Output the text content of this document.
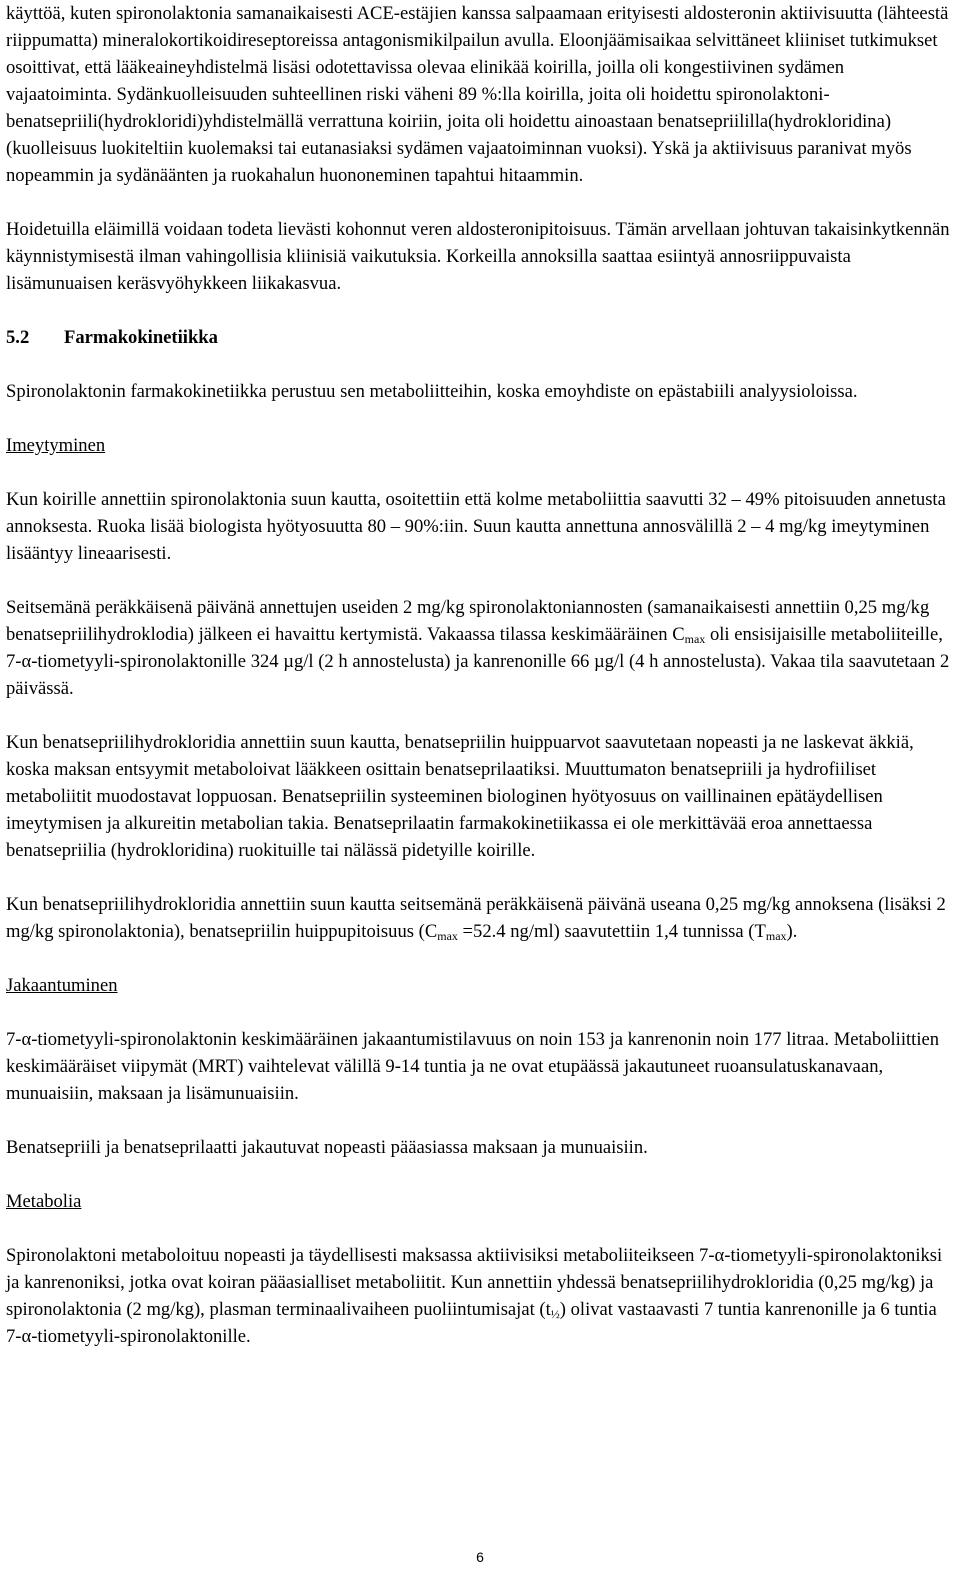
käyttöä, kuten spironolaktonia samanaikaisesti ACE-estäjien kanssa salpaamaan erityisesti aldosteronin aktiivisuutta (lähteestä riippumatta) mineralokortikoidireseptoreissa antagonismikilpailun avulla. Eloonjäämisaikaa selvittäneet kliiniset tutkimukset osoittivat, että lääkeaineyhdistelmä lisäsi odotettavissa olevaa elinikää koirilla, joilla oli kongestiivinen sydämen vajaatoiminta. Sydänkuolleisuuden suhteellinen riski väheni 89 %:lla koirilla, joita oli hoidettu spironolaktoni-benatsepriili(hydrokloridi)yhdistelmällä verrattuna koiriin, joita oli hoidettu ainoastaan benatsepriililla(hydrokloridina) (kuolleisuus luokiteltiin kuolemaksi tai eutanasiaksi sydämen vajaatoiminnan vuoksi). Yskä ja aktiivisuus paranivat myös nopeammin ja sydänäänten ja ruokahalun huononeminen tapahtui hitaammin.

Hoidetuilla eläimillä voidaan todeta lievästi kohonnut veren aldosteronipitoisuus. Tämän arvellaan johtuvan takaisinkytkennän käynnistymisestä ilman vahingollisia kliinisiä vaikutuksia. Korkeilla annoksilla saattaa esiintyä annosriippuvaista lisämunuaisen keräsvyöhykkeen liikakasvua.

5.2 Farmakokinetiikka

Spironolaktonin farmakokinetiikka perustuu sen metaboliitteihin, koska emoyhdiste on epästabiili analyysioloissa.

Imeytyminen

Kun koirille annettiin spironolaktonia suun kautta, osoitettiin että kolme metaboliittia saavutti 32 – 49% pitoisuuden annetusta annoksesta. Ruoka lisää biologista hyötyosuutta 80 – 90%:iin. Suun kautta annettuna annosvälillä 2 – 4 mg/kg imeytyminen lisääntyy lineaarisesti.

Seitsemänä peräkkäisenä päivänä annettujen useiden 2 mg/kg spironolaktoniannosten (samanaikaisesti annettiin 0,25 mg/kg benatsepriilihydroklodia) jälkeen ei havaittu kertymistä. Vakaassa tilassa keskimääräinen $C_{max}$ oli ensisijaisille metaboliiteille, 7-α-tiometyyli-spironolaktonille 324 µg/l (2 h annostelusta) ja kanrenonille 66 µg/l (4 h annostelusta). Vakaa tila saavutetaan 2 päivässä.

Kun benatsepriilihydrokloridia annettiin suun kautta, benatsepriilin huippuarvot saavutetaan nopeasti ja ne laskevat äkkiä, koska maksan entsyymit metaboloivat lääkkeen osittain benatseprilaatiksi. Muuttumaton benatsepriili ja hydrofiiliset metaboliitit muodostavat loppuosan. Benatsepriilin systeeminen biologinen hyötyosuus on vaillinainen epätäydellisen imeytymisen ja alkureitin metabolian takia. Benatseprilaatin farmakokinetiikassa ei ole merkittävää eroa annettaessa benatsepriilia (hydrokloridina) ruokituille tai nälässä pidetyille koirille.

Kun benatsepriilihydrokloridia annettiin suun kautta seitsemänä peräkkäisenä päivänä useana 0,25 mg/kg annoksena (lisäksi 2 mg/kg spironolaktonia), benatsepriilin huippupitoisuus ($C_{max} =52.4$ ng/ml) saavutettiin 1,4 tunnissa $(T_{max})$.

Jakaantuminen

7-α-tiometyyli-spironolaktonin keskimääräinen jakaantumistilavuus on noin 153 ja kanrenonin noin 177 litraa. Metaboliittien keskimääräiset viipymät (MRT) vaihtelevat välillä 9-14 tuntia ja ne ovat etupäässä jakautuneet ruoansulatuskanavaan, munuaisiin, maksaan ja lisämunuaisiin.

Benatsepriili ja benatseprilaatti jakautuvat nopeasti pääasiassa maksaan ja munuaisiin.

Metabolia

Spironolaktoni metaboloituu nopeasti ja täydellisesti maksassa aktiivisiksi metaboliiteikseen 7-α-tiometyyli-spironolaktoniksi ja kanrenoniksi, jotka ovat koiran pääasialliset metaboliitit. Kun annettiin yhdessä benatsepriilihydrokloridia (0,25 mg/kg) ja spironolaktonia (2 mg/kg), plasman terminaalivaiheen puoliintumisajat $(t_{\frac{1}{2}})$ olivat vastaavasti 7 tuntia kanrenonille ja 6 tuntia 7-α-tiometyyli-spironolaktonille.

6
